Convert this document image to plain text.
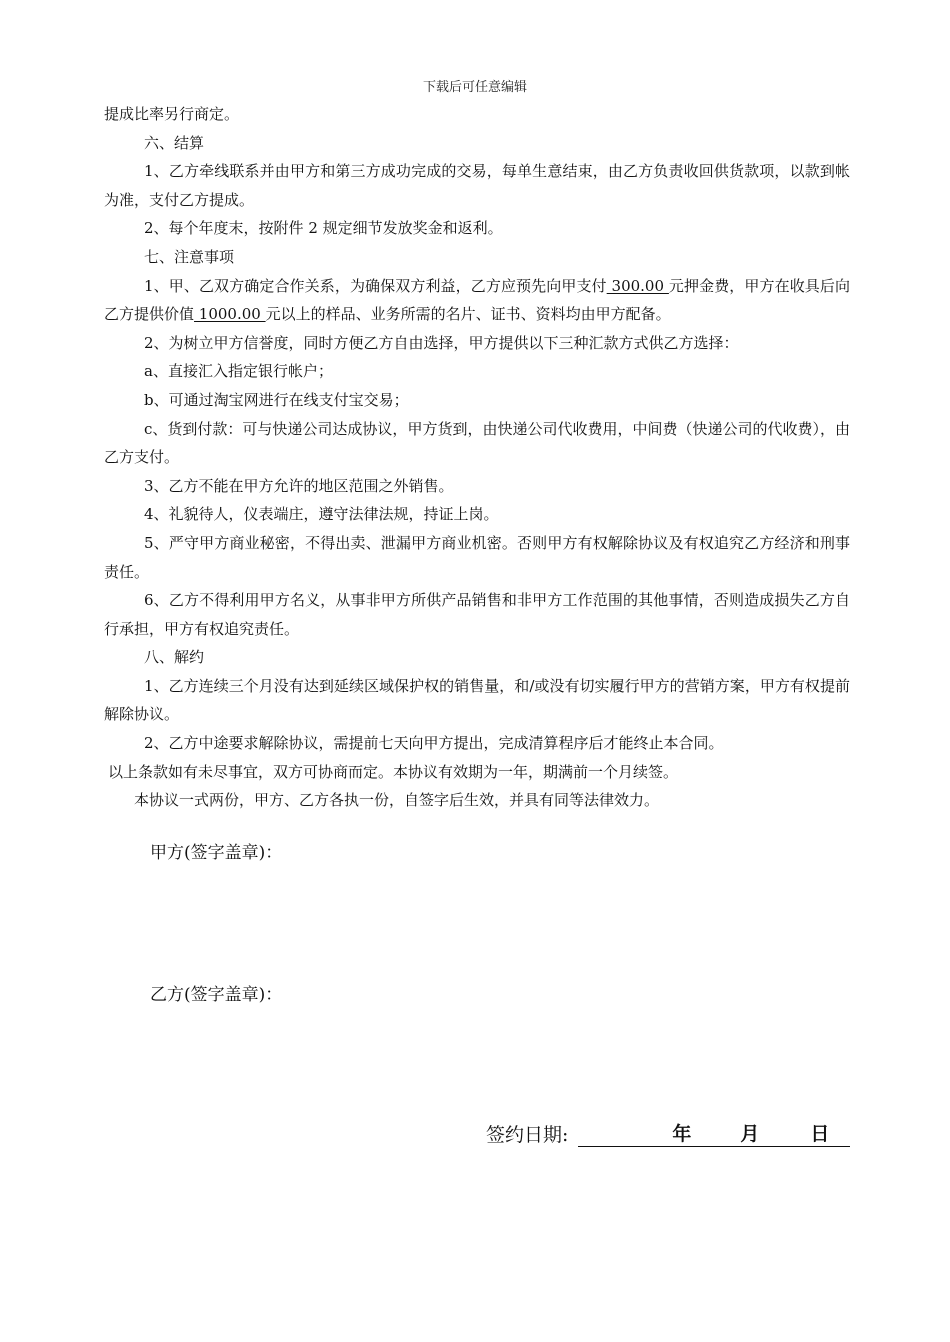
下载后可任意编辑

提成比率另行商定。

六、结算

1、乙方牵线联系并由甲方和第三方成功完成的交易，每单生意结束，由乙方负责收回供货款项，以款到帐为准，支付乙方提成。

2、每个年度末，按附件 2 规定细节发放奖金和返利。

七、注意事项

1、甲、乙双方确定合作关系，为确保双方利益，乙方应预先向甲支付 300.00 元押金费，甲方在收具后向乙方提供价值 1000.00 元以上的样品、业务所需的名片、证书、资料均由甲方配备。

2、为树立甲方信誉度，同时方便乙方自由选择，甲方提供以下三种汇款方式供乙方选择：

a、直接汇入指定银行帐户；

b、可通过淘宝网进行在线支付宝交易；

c、货到付款：可与快递公司达成协议，甲方货到，由快递公司代收费用，中间费（快递公司的代收费），由乙方支付。

3、乙方不能在甲方允许的地区范围之外销售。

4、礼貌待人，仪表端庄，遵守法律法规，持证上岗。

5、严守甲方商业秘密，不得出卖、泄漏甲方商业机密。否则甲方有权解除协议及有权追究乙方经济和刑事责任。

6、乙方不得利用甲方名义，从事非甲方所供产品销售和非甲方工作范围的其他事情，否则造成损失乙方自行承担，甲方有权追究责任。

八、解约

1、乙方连续三个月没有达到延续区域保护权的销售量，和/或没有切实履行甲方的营销方案，甲方有权提前解除协议。

2、乙方中途要求解除协议，需提前七天向甲方提出，完成清算程序后才能终止本合同。

以上条款如有未尽事宜，双方可协商而定。本协议有效期为一年，期满前一个月续签。

本协议一式两份，甲方、乙方各执一份，自签字后生效，并具有同等法律效力。

甲方(签字盖章)：
乙方(签字盖章)：
签约日期:	年	月	日
